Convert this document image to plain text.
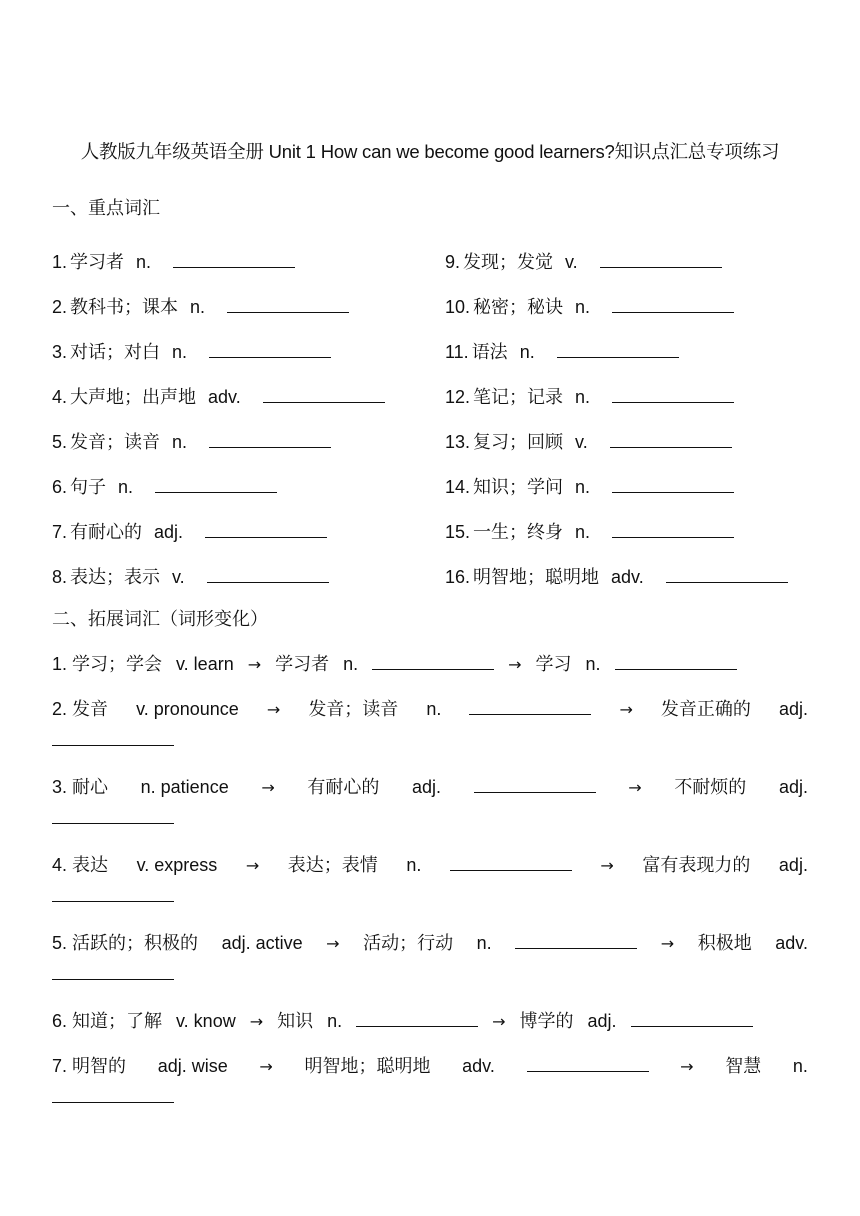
人教版九年级英语全册 Unit 1 How can we become good learners?知识点汇总专项练习
一、重点词汇
1. 学习者 n.	9. 发现；发觉 v.
2. 教科书；课本 n.	10. 秘密；秘诀 n.
3. 对话；对白 n.	11. 语法 n.
4. 大声地；出声地 adv.	12. 笔记；记录 n.
5. 发音；读音 n.	13. 复习；回顾 v.
6. 句子 n.	14. 知识；学问 n.
7. 有耐心的 adj.	15. 一生；终身 n.
8. 表达；表示 v.	16. 明智地；聪明地 adv.
二、拓展词汇（词形变化）
1. 学习；学会 v. learn → 学习者 n.	→ 学习 n.
2. 发音 v. pronounce → 发音；读音 n.	→ 发音正确的 adj.
3. 耐心 n. patience → 有耐心的 adj.	→ 不耐烦的 adj.
4. 表达 v. express → 表达；表情 n.	→ 富有表现力的 adj.
5. 活跃的；积极的 adj. active → 活动；行动 n.	→ 积极地 adv.
6. 知道；了解 v. know → 知识 n.	→ 博学的 adj.
7. 明智的 adj. wise → 明智地；聪明地 adv.	→ 智慧 n.
